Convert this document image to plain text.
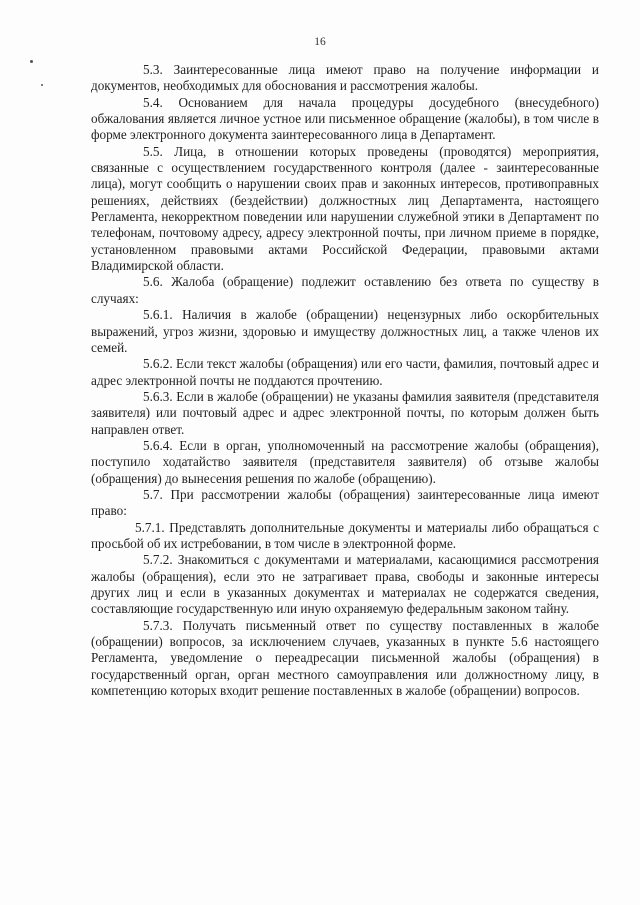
16

5.3. Заинтересованные лица имеют право на получение информации и документов, необходимых для обоснования и рассмотрения жалобы.

5.4. Основанием для начала процедуры досудебного (внесудебного) обжалования является личное устное или письменное обращение (жалобы), в том числе в форме электронного документа заинтересованного лица в Департамент.

5.5. Лица, в отношении которых проведены (проводятся) мероприятия, связанные с осуществлением государственного контроля (далее - заинтересованные лица), могут сообщить о нарушении своих прав и законных интересов, противоправных решениях, действиях (бездействии) должностных лиц Департамента, настоящего Регламента, некорректном поведении или нарушении служебной этики в Департамент по телефонам, почтовому адресу, адресу электронной почты, при личном приеме в порядке, установленном правовыми актами Российской Федерации, правовыми актами Владимирской области.

5.6. Жалоба (обращение) подлежит оставлению без ответа по существу в случаях:

5.6.1. Наличия в жалобе (обращении) нецензурных либо оскорбительных выражений, угроз жизни, здоровью и имуществу должностных лиц, а также членов их семей.

5.6.2. Если текст жалобы (обращения) или его части, фамилия, почтовый адрес и адрес электронной почты не поддаются прочтению.

5.6.3. Если в жалобе (обращении) не указаны фамилия заявителя (представителя заявителя) или почтовый адрес и адрес электронной почты, по которым должен быть направлен ответ.

5.6.4. Если в орган, уполномоченный на рассмотрение жалобы (обращения), поступило ходатайство заявителя (представителя заявителя) об отзыве жалобы (обращения) до вынесения решения по жалобе (обращению).

5.7. При рассмотрении жалобы (обращения) заинтересованные лица имеют право:

5.7.1. Представлять дополнительные документы и материалы либо обращаться с просьбой об их истребовании, в том числе в электронной форме.

5.7.2. Знакомиться с документами и материалами, касающимися рассмотрения жалобы (обращения), если это не затрагивает права, свободы и законные интересы других лиц и если в указанных документах и материалах не содержатся сведения, составляющие государственную или иную охраняемую федеральным законом тайну.

5.7.3. Получать письменный ответ по существу поставленных в жалобе (обращении) вопросов, за исключением случаев, указанных в пункте 5.6 настоящего Регламента, уведомление о переадресации письменной жалобы (обращения) в государственный орган, орган местного самоуправления или должностному лицу, в компетенцию которых входит решение поставленных в жалобе (обращении) вопросов.
